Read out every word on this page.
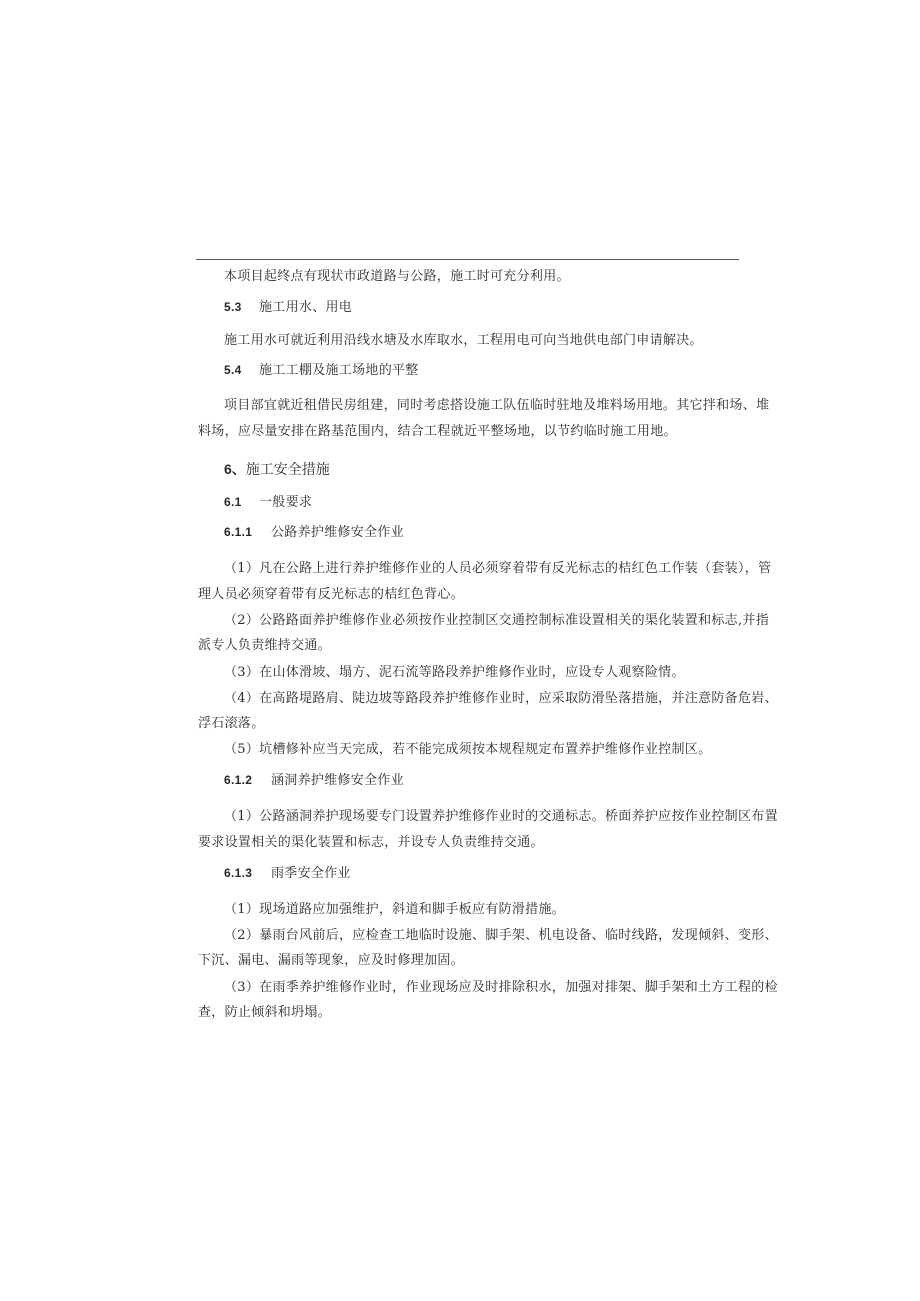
本项目起终点有现状市政道路与公路，施工时可充分利用。
5.3 施工用水、用电
施工用水可就近利用沿线水塘及水库取水，工程用电可向当地供电部门申请解决。
5.4 施工工棚及施工场地的平整
项目部宜就近租借民房组建，同时考虑搭设施工队伍临时驻地及堆料场用地。其它拌和场、堆
料场，应尽量安排在路基范围内，结合工程就近平整场地，以节约临时施工用地。
6、施工安全措施
6.1 一般要求
6.1.1 公路养护维修安全作业
（1）凡在公路上进行养护维修作业的人员必须穿着带有反光标志的桔红色工作装（套装），管
理人员必须穿着带有反光标志的桔红色背心。
（2）公路路面养护维修作业必须按作业控制区交通控制标准设置相关的渠化装置和标志,并指
派专人负责维持交通。
（3）在山体滑坡、塌方、泥石流等路段养护维修作业时，应设专人观察险情。
（4）在高路堤路肩、陡边坡等路段养护维修作业时，应采取防滑坠落措施，并注意防备危岩、
浮石滚落。
（5）坑槽修补应当天完成，若不能完成须按本规程规定布置养护维修作业控制区。
6.1.2 涵洞养护维修安全作业
（1）公路涵洞养护现场要专门设置养护维修作业时的交通标志。桥面养护应按作业控制区布置
要求设置相关的渠化装置和标志，并设专人负责维持交通。
6.1.3 雨季安全作业
（1）现场道路应加强维护，斜道和脚手板应有防滑措施。
（2）暴雨台风前后，应检查工地临时设施、脚手架、机电设备、临时线路，发现倾斜、变形、
下沉、漏电、漏雨等现象，应及时修理加固。
（3）在雨季养护维修作业时，作业现场应及时排除积水，加强对排架、脚手架和土方工程的检
查，防止倾斜和坍塌。
